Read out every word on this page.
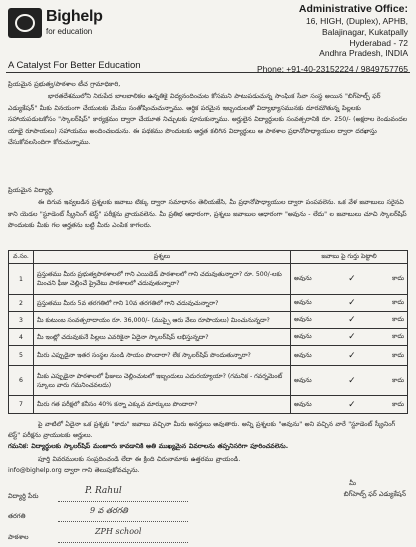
Bighelp
for education
A Catalyst For Better Education
Administrative Office:
16, HIGH, (Duplex), APHB,
Balajinagar, Kukatpally
Hyderabad - 72
Andhra Pradesh, INDIA
Phone: +91-40-23152224 / 9849757765
ప్రియమైన ప్రభుత్వ/పాఠశాల టీచ గ్రామాధికారి,
భారతదేశములోని నిరుపేద బాలబాలికల ఉన్నతికై విద్యనందించుట కోసమని పాటుపడుచున్న సాంఘిక సేవా సంస్థ అయిన "బిగ్‌హెల్ప్ ఫర్ ఎడ్యుకేషన్" మీకు వినయంగా చేయుటకు మేము సంతోషించుచున్నాము. ఆర్థిక పరమైన ఇబ్బందులతో విద్యాభ్యాసమునకు దూరమౌతున్న పిల్లలకు సహాయపడుటకోసం "స్కాలర్‌షిప్" కార్యక్రమం ద్వారా చేయూత నిచ్చుటకు పూనుకున్నాము. అర్హులైన విద్యార్థులకు సంవత్సరానికి రూ. 250/- (అక్షరాల రెండువందల యాభై రూపాయలు) సహాయము అందించబడును. ఈ పథకము పొందుటకు అర్హత కలిగిన విద్యార్థులు ఆ పాఠశాల ప్రధానోపాధ్యాయుల ద్వారా దరఖాస్తు చేసుకోవలసిందిగా కోరుచున్నాము.
ప్రియమైన విద్యార్థి,
ఈ దిగువ ఇవ్వబడిన ప్రశ్నలకు జవాబు టిక్కు ద్వారా సమాధానం తెలియజేసి, మీ ప్రధానోపాధ్యాయుల ద్వారా పంపవలెను. ఒక వేళ జవాబులు సరైనవి కాని యెడల "స్టూడెంట్ స్క్రీనింగ్ టెస్ట్" పరీక్షను వ్రాయవలెను. మీ ప్రతిభ ఆధారంగా, ప్రశ్నలు జవాబుల ఆధారంగా "అవును - లేదు" ల జవాబులు చూచి స్కాలర్‌షిప్ పొందుటకు మీకు గల అర్హతను బట్టి మీరు ఎంపిక కాగలరు.
వ.సం.	ప్రశ్నలు	జవాబు పై గుర్తు పెట్టాలి
1	ప్రస్తుతము మీరు ప్రభుత్వపాఠశాలలో గాని ఎయిడెడ్ పాఠశాలలో గాని చదువుతున్నారా? రూ. 500/-లకు మించని ఫీజు చెల్లించే ప్రైవేటు పాఠశాలలో చదువుతున్నారా?	అవును ✓ కాదు

2	ప్రస్తుతము మీరు 5వ తరగతిలో గాని 10వ తరగతిలో గాని చదువుచున్నారా?	అవును ✓ కాదు

3	మీ కుటుంబ సంవత్సరాదాయం రూ. 36,000/- (ముప్పై ఆరు వేలు రూపాయలు) మించునున్నదా?	అవును ✓ కాదు

4	మీ ఇంట్లో చదువుకునే పిల్లలు ఎవరికైనా ఏదైనా స్కాలర్‌షిప్ లభిస్తున్నదా?	అవును ✓ కాదు

5	మీరు ఎప్పుడైనా ఇతర సంస్థల నుండి సాయం పొందారా? లేక స్కాలర్‌షిప్ పొందుతున్నారా?	అవును ✓ కాదు

6	మీకు ఎప్పుడైనా పాఠశాలలో ఫీజులు చెల్లించుటలో ఇబ్బందులు ఎదురయ్యాయా? (గమనిక - గవర్నమెంట్ స్కూలు వారు గమనించవలదు)	అవును ✓ కాదు

7	మీరు గత పరీక్షలో కనీసం 40% కన్నా ఎక్కువ మార్కులు పొందారా?	అవును ✓ కాదు
పై వాటిలో ఏదైనా ఒక ప్రశ్నకు "కాదు" జవాబు వచ్చినా మీరు అనర్హులు అవుతారు. అన్ని ప్రశ్నలకు "అవును" అని వచ్చిన వారే "స్టూడెంట్ స్క్రీనింగ్ టెస్ట్" పరీక్షను వ్రాయుటకు అర్హులు.
గమనిక: విద్యార్థులకు స్కాలర్‌షిప్ మంజూరు కావడానికి అతి ముఖ్యమైన వివరాలను తప్పనిసరిగా పూరించవలెను.
పూర్తి వివరములకు సంప్రదించండి లేదా ఈ క్రింది చిరునామాకు ఉత్తరము వ్రాయండి.
info@bighelp.org ద్వారా గాని తెలుపుకోవచ్చును.
మీ
బిగ్‌హెల్ప్ ఫర్ ఎడ్యుకేషన్
విద్యార్థి పేరు	P. Rahul
తరగతి
9 వ తరగతి
పాఠశాల
ZPH school
